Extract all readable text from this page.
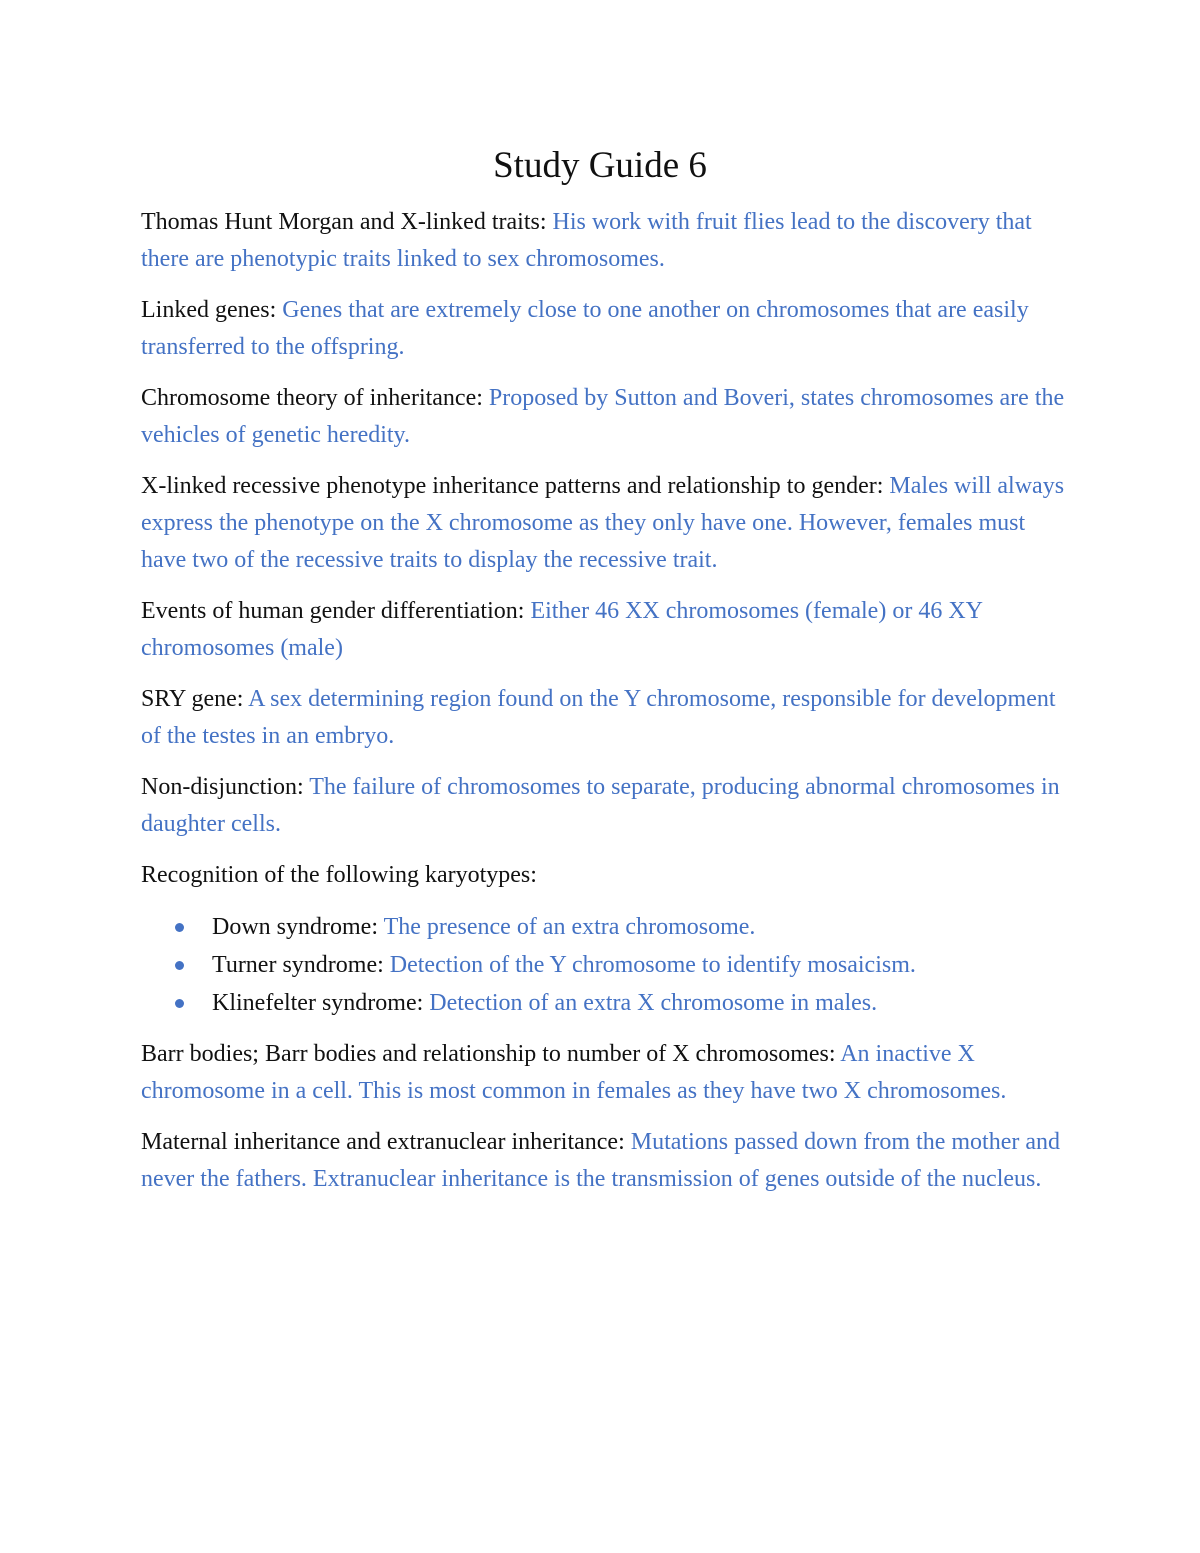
Study Guide 6

Thomas Hunt Morgan and X-linked traits: His work with fruit flies lead to the discovery that there are phenotypic traits linked to sex chromosomes.

Linked genes: Genes that are extremely close to one another on chromosomes that are easily transferred to the offspring.

Chromosome theory of inheritance: Proposed by Sutton and Boveri, states chromosomes are the vehicles of genetic heredity.

X-linked recessive phenotype inheritance patterns and relationship to gender: Males will always express the phenotype on the X chromosome as they only have one. However, females must have two of the recessive traits to display the recessive trait.

Events of human gender differentiation: Either 46 XX chromosomes (female) or 46 XY chromosomes (male)

SRY gene: A sex determining region found on the Y chromosome, responsible for development of the testes in an embryo.

Non-disjunction: The failure of chromosomes to separate, producing abnormal chromosomes in daughter cells.

Recognition of the following karyotypes:

Down syndrome: The presence of an extra chromosome.
Turner syndrome: Detection of the Y chromosome to identify mosaicism.
Klinefelter syndrome: Detection of an extra X chromosome in males.

Barr bodies; Barr bodies and relationship to number of X chromosomes: An inactive X chromosome in a cell. This is most common in females as they have two X chromosomes.

Maternal inheritance and extranuclear inheritance: Mutations passed down from the mother and never the fathers. Extranuclear inheritance is the transmission of genes outside of the nucleus.
